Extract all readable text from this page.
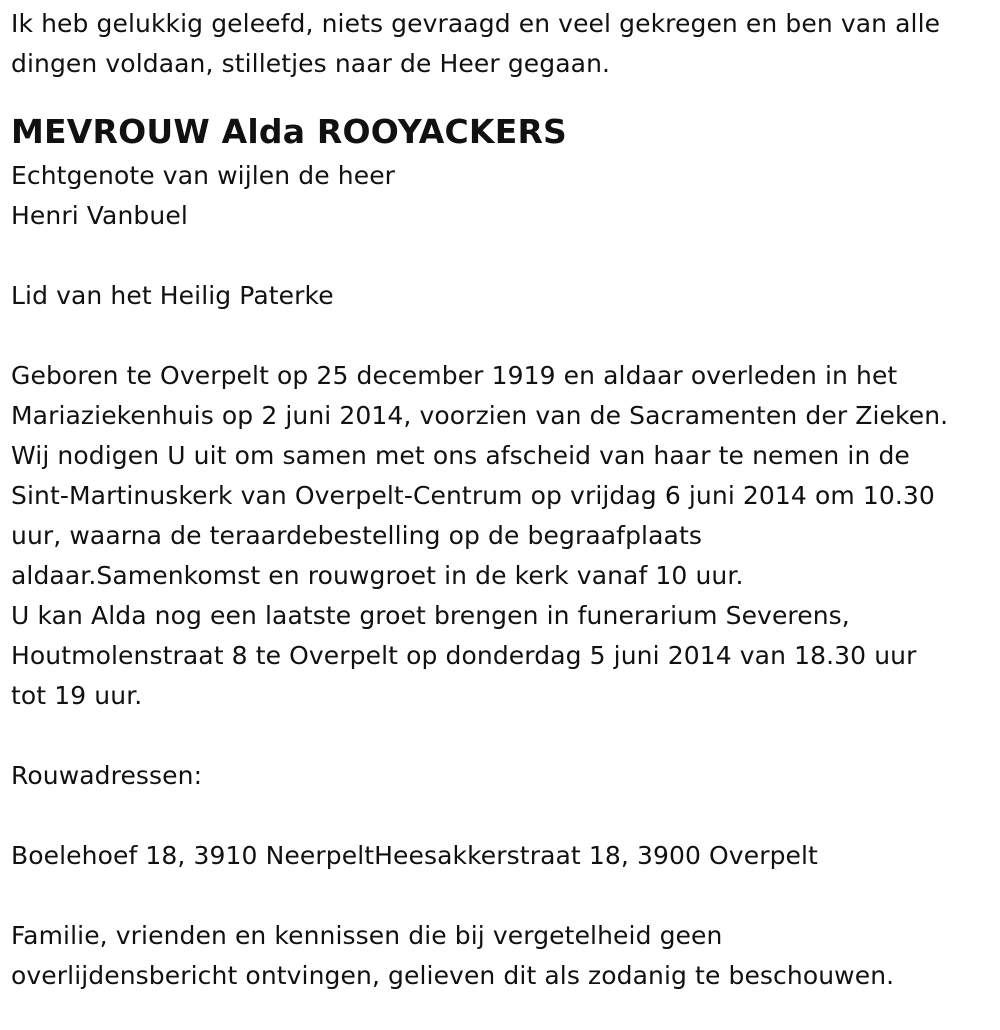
Ik heb gelukkig geleefd, niets gevraagd en veel gekregen en ben van alle
dingen voldaan, stilletjes naar de Heer gegaan.
MEVROUW Alda ROOYACKERS
Echtgenote van wijlen de heer
Henri Vanbuel
Lid van het Heilig Paterke
Geboren te Overpelt op 25 december 1919 en aldaar overleden in het
Mariaziekenhuis op 2 juni 2014, voorzien van de Sacramenten der Zieken.
Wij nodigen U uit om samen met ons afscheid van haar te nemen in de
Sint-Martinuskerk van Overpelt-Centrum op vrijdag 6 juni 2014 om 10.30
uur, waarna de teraardebestelling op de begraafplaats
aldaar.Samenkomst en rouwgroet in de kerk vanaf 10 uur.
U kan Alda nog een laatste groet brengen in funerarium Severens,
Houtmolenstraat 8 te Overpelt op donderdag 5 juni 2014 van 18.30 uur
tot 19 uur.
Rouwadressen:
Boelehoef 18, 3910 NeerpeltHeesakkerstraat 18, 3900 Overpelt
Familie, vrienden en kennissen die bij vergetelheid geen
overlijdensbericht ontvingen, gelieven dit als zodanig te beschouwen.
